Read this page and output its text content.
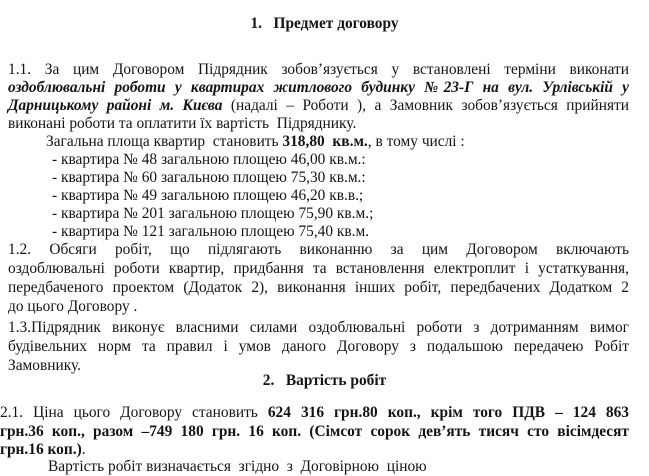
1.   Предмет договору
1.1. За цим Договором Підрядник зобов’язується у встановлені терміни виконати
оздоблювальні роботи у квартирах житлового будинку №23-Г на вул. Урлівській у
Дарницькому районі м. Києва (надалі – Роботи ), а Замовник зобов’язується прийняти
виконані роботи та оплатити їх вартість  Підряднику.
Загальна площа квартир  становить 318,80  кв.м., в тому числі :
- квартира № 48 загальною площею 46,00 кв.м.:
- квартира № 60 загальною площею 75,30 кв.м.:
- квартира № 49 загальною площею 46,20 кв.в.;
- квартира № 201 загальною площею 75,90 кв.м.;
- квартира № 121 загальною площею 75,40 кв.м.
1.2. Обсяги робіт, що підлягають виконанню за цим Договором включають
оздоблювальні роботи квартир, придбання та встановлення електроплит і устаткування,
передбаченого проектом (Додаток 2), виконання інших робіт, передбачених Додатком 2
до цього Договору .
1.3.Підрядник виконує власними силами оздоблювальні роботи з дотриманням вимог
будівельних норм та правил і умов даного Договору з подальшою передачею Робіт
Замовнику.
2.   Вартість робіт
2.1. Ціна цього Договору становить 624 316 грн.80 коп., крім того ПДВ – 124 863
грн.36 коп., разом –749 180 грн. 16 коп. (Сімсот сорок дев’ять тисяч сто вісімдесят
грн.16 коп.).
Вартість робіт визначається  згідно  з  Договірною  ціною
